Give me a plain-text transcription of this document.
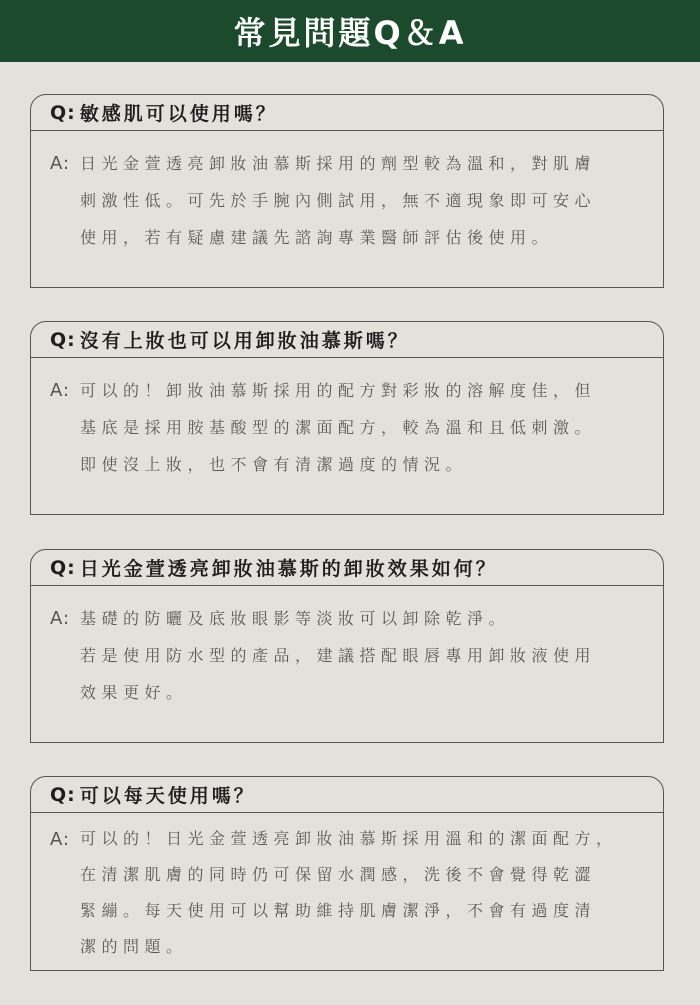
常見問題Q＆A
Q: 敏感肌可以使用嗎？
A: 日光金萱透亮卸妝油慕斯採用的劑型較為溫和，對肌膚
刺激性低。可先於手腕內側試用，無不適現象即可安心
使用，若有疑慮建議先諮詢專業醫師評估後使用。
Q: 沒有上妝也可以用卸妝油慕斯嗎？
A: 可以的！卸妝油慕斯採用的配方對彩妝的溶解度佳，但
基底是採用胺基酸型的潔面配方，較為溫和且低刺激。
即使沒上妝，也不會有清潔過度的情況。
Q: 日光金萱透亮卸妝油慕斯的卸妝效果如何？
A: 基礎的防曬及底妝眼影等淡妝可以卸除乾淨。
若是使用防水型的產品，建議搭配眼唇專用卸妝液使用
效果更好。
Q: 可以每天使用嗎？
A: 可以的！日光金萱透亮卸妝油慕斯採用溫和的潔面配方，
在清潔肌膚的同時仍可保留水潤感，洗後不會覺得乾澀
緊繃。每天使用可以幫助維持肌膚潔淨，不會有過度清
潔的問題。
